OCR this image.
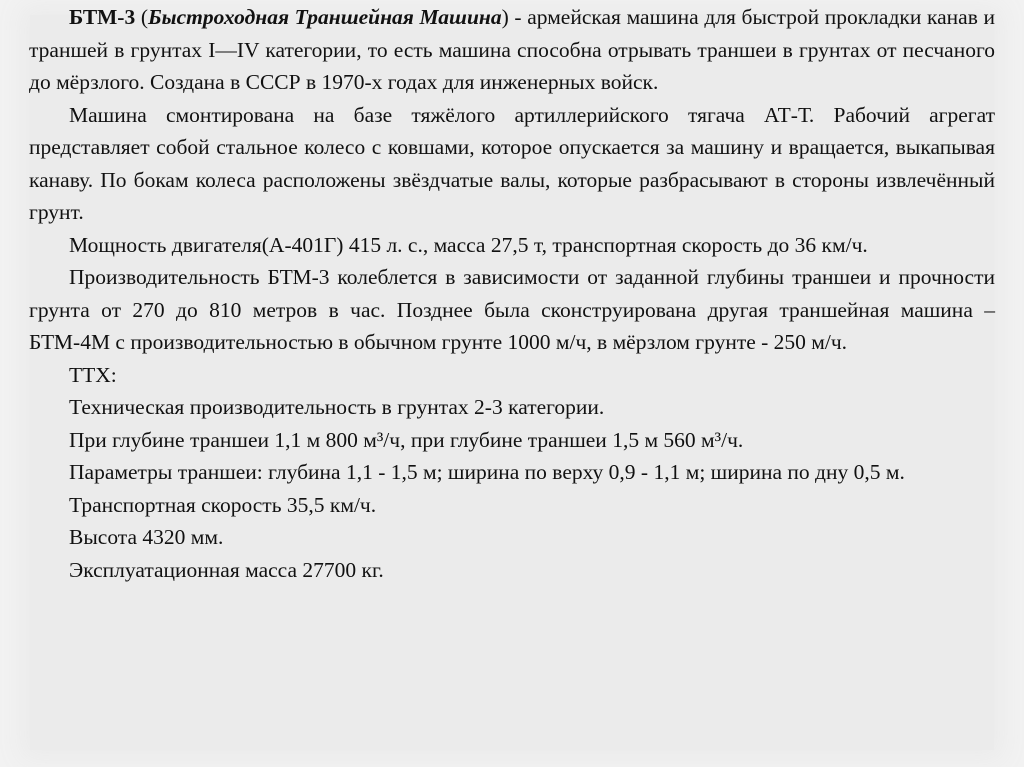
БТМ-3 (Быстроходная Траншейная Машина) - армейская машина для быстрой прокладки канав и траншей в грунтах I—IV категории, то есть машина способна отрывать траншеи в грунтах от песчаного до мёрзлого. Создана в СССР в 1970-х годах для инженерных войск.

Машина смонтирована на базе тяжёлого артиллерийского тягача АТ-Т. Рабочий агрегат представляет собой стальное колесо с ковшами, которое опускается за машину и вращается, выкапывая канаву. По бокам колеса расположены звёздчатые валы, которые разбрасывают в стороны извлечённый грунт.

Мощность двигателя(А-401Г) 415 л. с., масса 27,5 т, транспортная скорость до 36 км/ч.

Производительность БТМ-3 колеблется в зависимости от заданной глубины траншеи и прочности грунта от 270 до 810 метров в час. Позднее была сконструирована другая траншейная машина – БТМ-4М с производительностью в обычном грунте 1000 м/ч, в мёрзлом грунте - 250 м/ч.

ТТХ:

Техническая производительность в грунтах 2-3 категории.

При глубине траншеи 1,1 м 800 м³/ч, при глубине траншеи 1,5 м 560 м³/ч.

Параметры траншеи: глубина 1,1 - 1,5 м; ширина по верху 0,9 - 1,1 м; ширина по дну 0,5 м.

Транспортная скорость 35,5 км/ч.

Высота 4320 мм.

Эксплуатационная масса 27700 кг.
